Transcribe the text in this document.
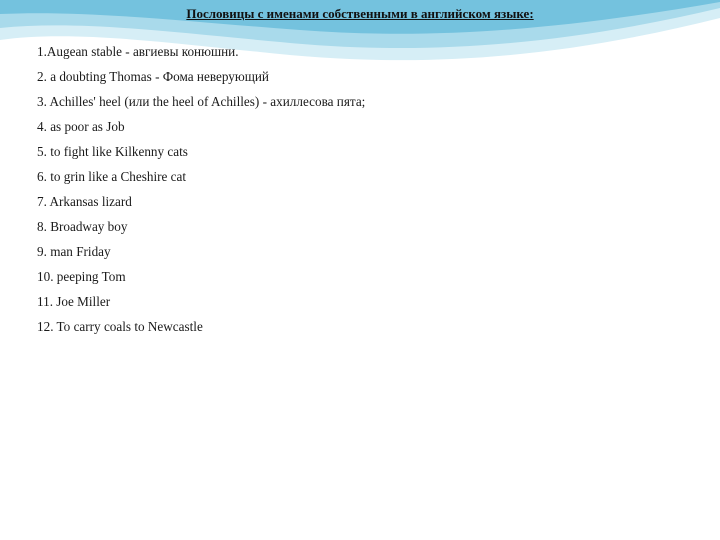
Пословицы с именами собственными в английском языке:
1.Augean stable - авгиевы конюшни.
2. a doubting Thomas - Фома неверующий
3. Achilles' heel (или the heel of Achilles) - ахиллесова пята;
4. as poor as Job
5. to fight like Kilkenny cats
6. to grin like a Cheshire cat
7. Arkansas lizard
8. Broadway boy
9. man Friday
10. peeping Tom
11. Joe Miller
12. To carry coals to Newcastle
